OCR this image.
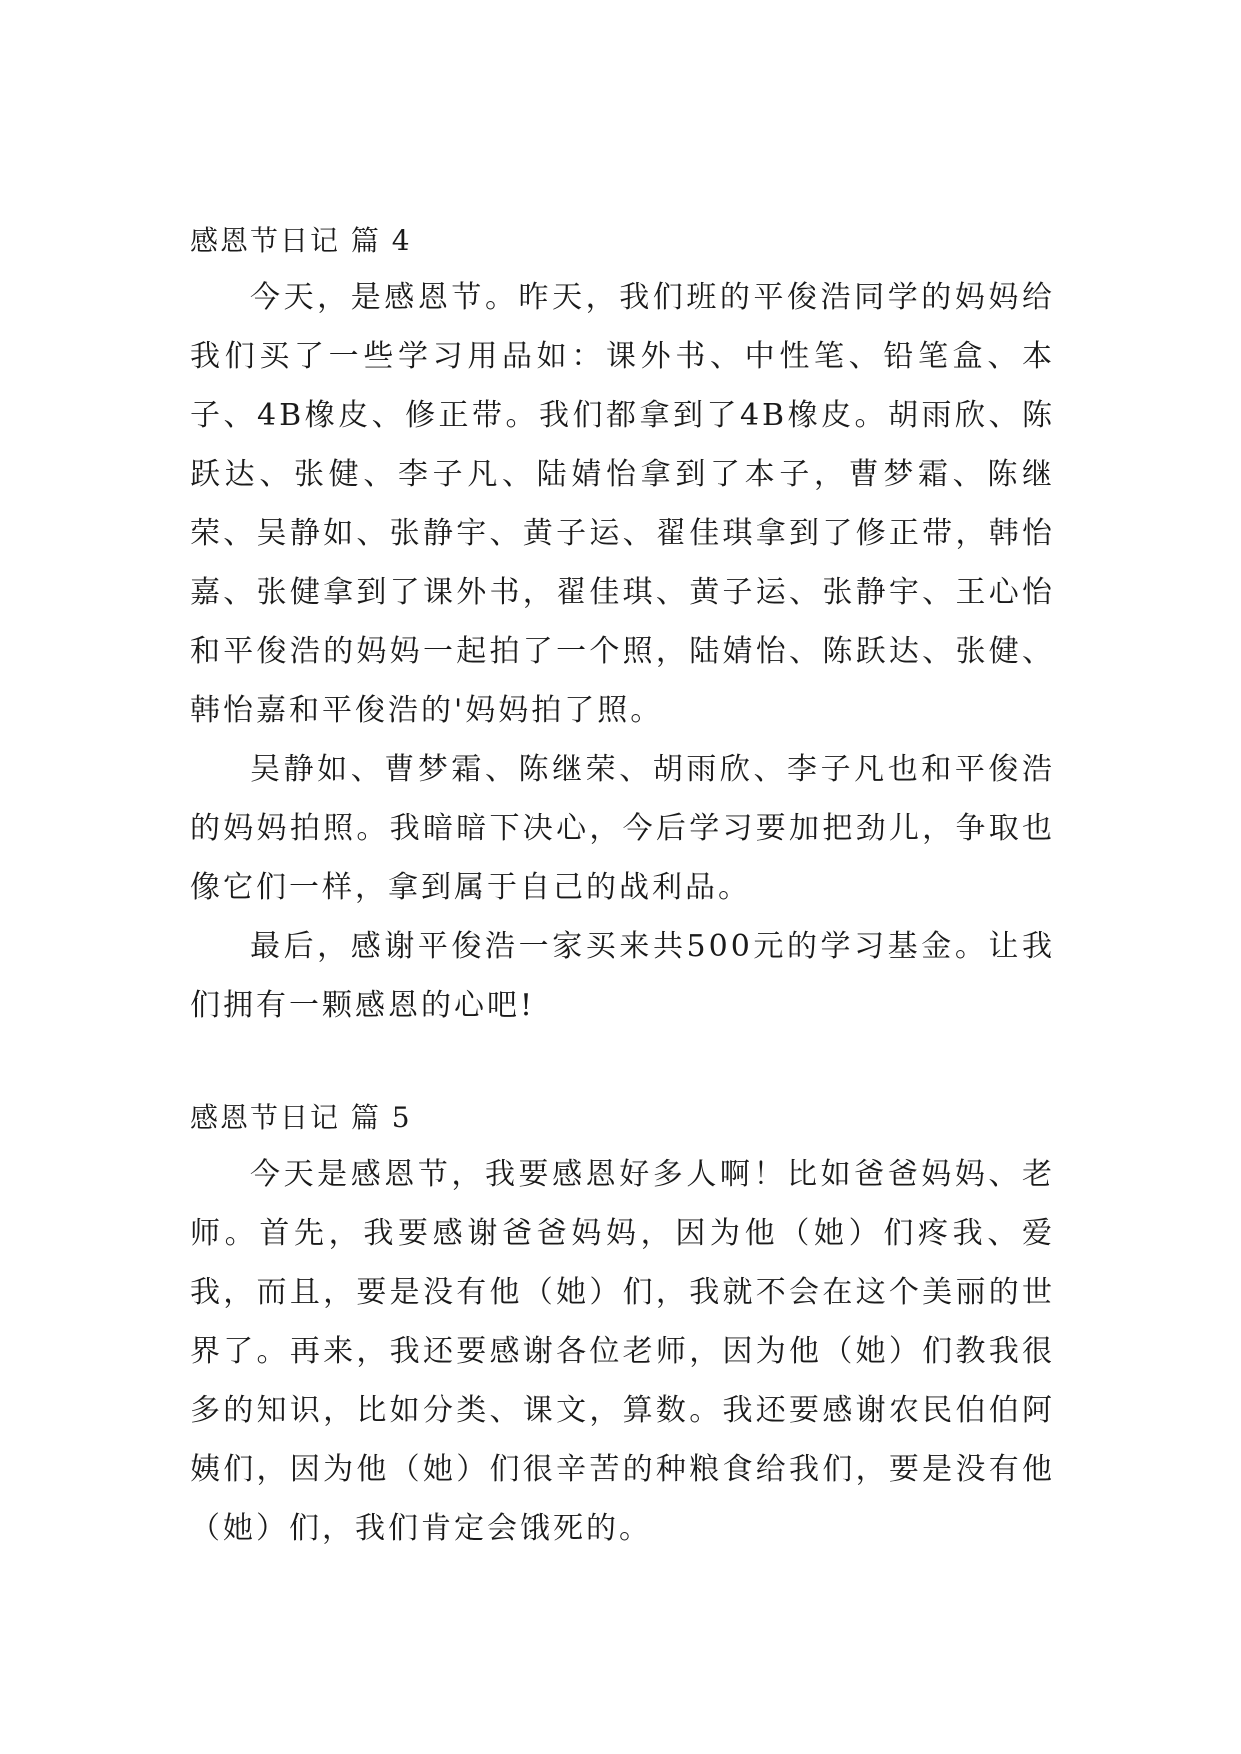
感恩节日记 篇 4

今天，是感恩节。昨天，我们班的平俊浩同学的妈妈给我们买了一些学习用品如：课外书、中性笔、铅笔盒、本子、4B橡皮、修正带。我们都拿到了4B橡皮。胡雨欣、陈跃达、张健、李子凡、陆婧怡拿到了本子，曹梦霜、陈继荣、吴静如、张静宇、黄子运、翟佳琪拿到了修正带，韩怡嘉、张健拿到了课外书，翟佳琪、黄子运、张静宇、王心怡和平俊浩的妈妈一起拍了一个照，陆婧怡、陈跃达、张健、韩怡嘉和平俊浩的'妈妈拍了照。

吴静如、曹梦霜、陈继荣、胡雨欣、李子凡也和平俊浩的妈妈拍照。我暗暗下决心，今后学习要加把劲儿，争取也像它们一样，拿到属于自己的战利品。

最后，感谢平俊浩一家买来共500元的学习基金。让我们拥有一颗感恩的心吧!

感恩节日记 篇 5

今天是感恩节，我要感恩好多人啊！比如爸爸妈妈、老师。首先，我要感谢爸爸妈妈，因为他（她）们疼我、爱我，而且，要是没有他（她）们，我就不会在这个美丽的世界了。再来，我还要感谢各位老师，因为他（她）们教我很多的知识，比如分类、课文，算数。我还要感谢农民伯伯阿姨们，因为他（她）们很辛苦的种粮食给我们，要是没有他（她）们，我们肯定会饿死的。
